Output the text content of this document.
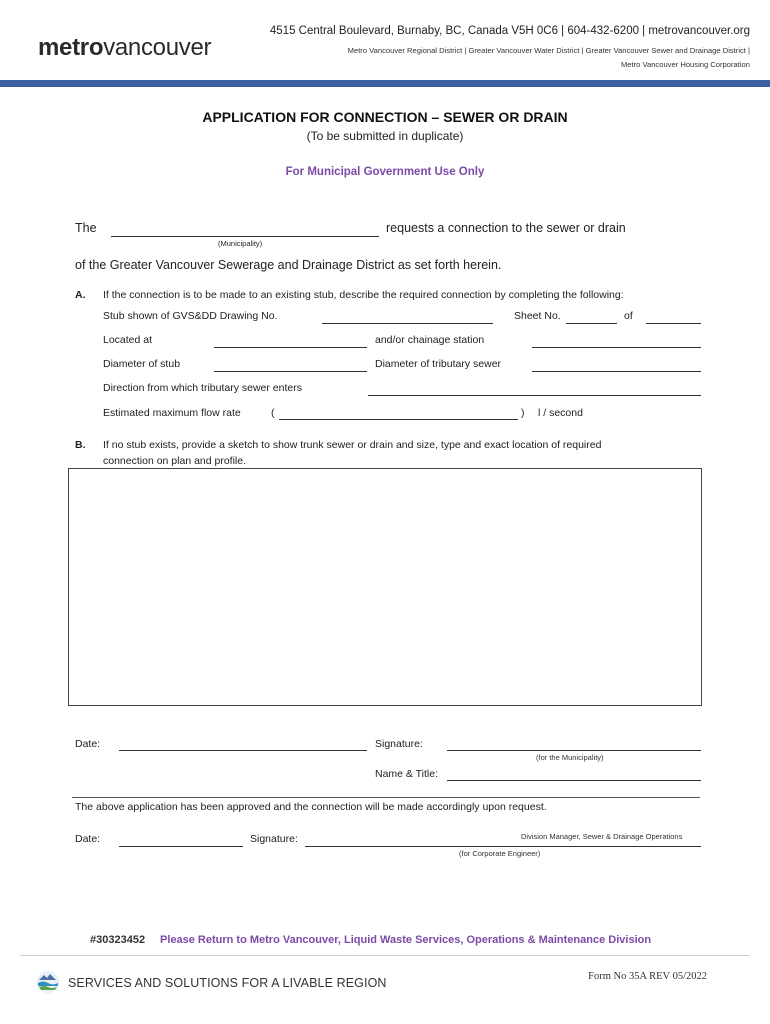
metrovancouver
4515 Central Boulevard, Burnaby, BC, Canada V5H 0C6 | 604-432-6200 | metrovancouver.org
Metro Vancouver Regional District | Greater Vancouver Water District | Greater Vancouver Sewer and Drainage District |
Metro Vancouver Housing Corporation
APPLICATION FOR CONNECTION – SEWER OR DRAIN
(To be submitted in duplicate)
For Municipal Government Use Only
The	requests a connection to the sewer or drain
(Municipality)
of the Greater Vancouver Sewerage and Drainage District as set forth herein.
A. If the connection is to be made to an existing stub, describe the required connection by completing the following:
Stub shown of GVS&DD Drawing No.	Sheet No.	of
Located at	and/or chainage station
Diameter of stub	Diameter of tributary sewer
Direction from which tributary sewer enters
Estimated maximum flow rate	(	) l / second
B. If no stub exists, provide a sketch to show trunk sewer or drain and size, type and exact location of required
connection on plan and profile.
Date:	Signature:
(for the Municipality)
Name & Title:
The above application has been approved and the connection will be made accordingly upon request.
Date:	Signature:	Division Manager, Sewer & Drainage Operations
(for Corporate Engineer)
#30323452 Please Return to Metro Vancouver, Liquid Waste Services, Operations & Maintenance Division
SERVICES AND SOLUTIONS FOR A LIVABLE REGION	Form No 35A REV 05/2022
